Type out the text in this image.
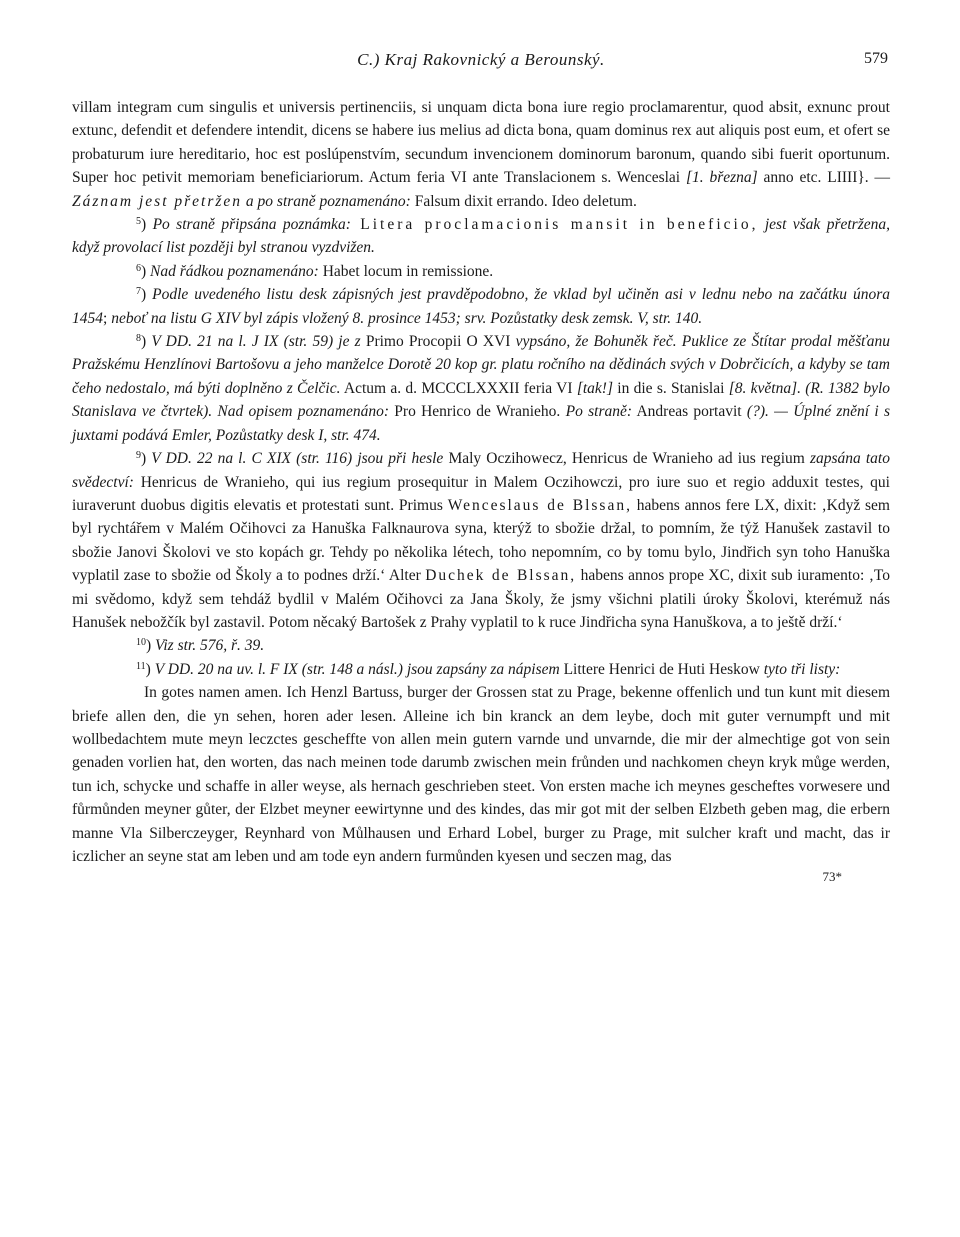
C.) Kraj Rakovnický a Berounský.	579

villam integram cum singulis et universis pertinenciis, si unquam dicta bona iure regio proclamarentur, quod absit, exnunc prout extunc, defendit et defendere intendit, dicens se habere ius melius ad dicta bona, quam dominus rex aut aliquis post eum, et ofert se probaturum iure hereditario, hoc est poslúpenstvím, secundum invencionem dominorum baronum, quando sibi fuerit oportunum. Super hoc petivit memoriam beneficiariorum. Actum feria VI ante Translacionem s. Wenceslai [1. března] anno etc. LIIII}. — Záznam jest přetržen a po straně poznamenáno: Falsum dixit errando. Ideo deletum.

$^5$) Po straně připsána poznámka: Litera proclamacionis mansit in beneficio, jest však přetržena, když provolací list později byl stranou vyzdvižen.

$^6$) Nad řádkou poznamenáno: Habet locum in remissione.

$^7$) Podle uvedeného listu desk zápisných jest pravděpodobno, že vklad byl učiněn asi v lednu nebo na začátku února 1454; neboť na listu G XIV byl zápis vložený 8. prosince 1453; srv. Pozůstatky desk zemsk. V, str. 140.

$^8$) V DD. 21 na l. J IX (str. 59) je z Primo Procopii O XVI vypsáno, že Bohuněk řeč. Puklice ze Štítar prodal měšťanu Pražskému Henzlínovi Bartošovu a jeho manželce Dorotě 20 kop gr. platu ročního na dědinách svých v Dobrčicích, a kdyby se tam čeho nedostalo, má býti doplněno z Čelčic. Actum a. d. MCCCLXXXII feria VI [tak!] in die s. Stanislai [8. května]. (R. 1382 bylo Stanislava ve čtvrtek). Nad opisem poznamenáno: Pro Henrico de Wranieho. Po straně: Andreas portavit (?). — Úplné znění i s juxtami podává Emler, Pozůstatky desk I, str. 474.

$^9$) V DD. 22 na l. C XIX (str. 116) jsou při hesle Maly Oczihowecz, Henricus de Wranieho ad ius regium zapsána tato svědectví: Henricus de Wranieho, qui ius regium prosequitur in Malem Oczihowczi, pro iure suo et regio adduxit testes, qui iuraverunt duobus digitis elevatis et protestati sunt. Primus Wenceslaus de Blssan, habens annos fere LX, dixit: ‚Když sem byl rychtářem v Malém Očihovci za Hanuška Falknaurova syna, kterýž to sbožie držal, to pomním, že týž Hanušek zastavil to sbožie Janovi Školovi ve sto kopách gr. Tehdy po několika létech, toho nepomním, co by tomu bylo, Jindřich syn toho Hanuška vyplatil zase to sbožie od Školy a to podnes drží.‘ Alter Duchek de Blssan, habens annos prope XC, dixit sub iuramento: ‚To mi svědomo, když sem tehdáž bydlil v Malém Očihovci za Jana Školy, že jsmy všichni platili úroky Školovi, kterémuž nás Hanušek nebožčík byl zastavil. Potom něcaký Bartošek z Prahy vyplatil to k ruce Jindřicha syna Hanuškova, a to ještě drží.‘

$^{10}$) Viz str. 576, ř. 39.

$^{11}$) V DD. 20 na uv. l. F IX (str. 148 a násl.) jsou zapsány za nápisem Littere Henrici de Huti Heskow tyto tři listy:

In gotes namen amen. Ich Henzl Bartuss, burger der Grossen stat zu Prage, bekenne offenlich und tun kunt mit diesem briefe allen den, die yn sehen, horen ader lesen. Alleine ich bin kranck an dem leybe, doch mit guter vernumpft und mit wollbedachtem mute meyn leczctes gescheffte von allen mein gutern varnde und unvarnde, die mir der almechtige got von sein genaden vorlien hat, den worten, das nach meinen tode darumb zwischen mein frůnden und nachkomen cheyn kryk můge werden, tun ich, schycke und schaffe in aller weyse, als hernach geschrieben steet. Von ersten mache ich meynes gescheftes vorwesere und fůrmůnden meyner gůter, der Elzbet meyner eewirtynne und des kindes, das mir got mit der selben Elzbeth geben mag, die erbern manne Vla Silberczeyger, Reynhard von Můlhausen und Erhard Lobel, burger zu Prage, mit sulcher kraft und macht, das ir iczlicher an seyne stat am leben und am tode eyn andern furmůnden kyesen und seczen mag, das

73*
